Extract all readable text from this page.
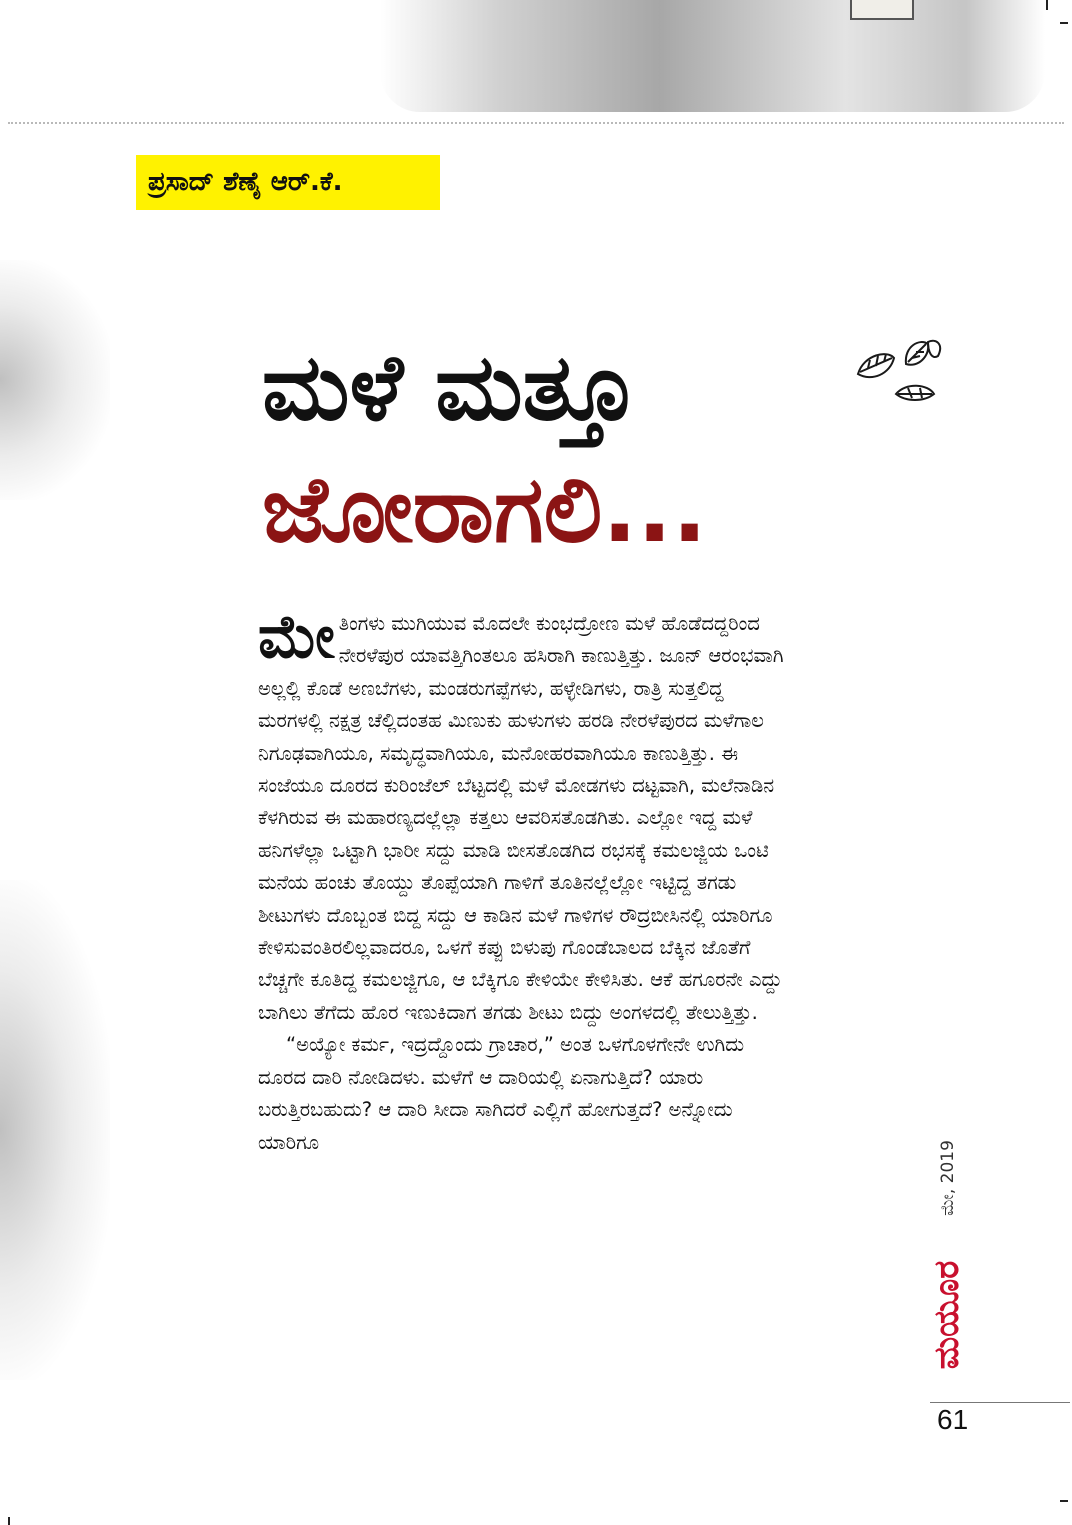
ಪ್ರಸಾದ್ ಶೆಣೈ ಆರ್.ಕೆ.
ಮಳೆ ಮತ್ತೂ
ಜೋರಾಗಲಿ...

ಮೇತಿಂಗಳು ಮುಗಿಯುವ ಮೊದಲೇ ಕುಂಭದ್ರೋಣ ಮಳೆ ಹೊಡೆದದ್ದರಿಂದ ನೇರಳೆಪುರ ಯಾವತ್ತಿಗಿಂತಲೂ ಹಸಿರಾಗಿ ಕಾಣುತ್ತಿತ್ತು. ಜೂನ್ ಆರಂಭವಾಗಿ ಅಲ್ಲಲ್ಲಿ ಕೊಡೆ ಅಣಬೆಗಳು, ಮಂಡರುಗಪ್ಪೆಗಳು, ಹಳ್ಳೇಡಿಗಳು, ರಾತ್ರಿ ಸುತ್ತಲಿದ್ದ ಮರಗಳಲ್ಲಿ ನಕ್ಷತ್ರ ಚೆಲ್ಲಿದಂತಹ ಮಿಣುಕು ಹುಳುಗಳು ಹರಡಿ ನೇರಳೆಪುರದ ಮಳೆಗಾಲ ನಿಗೂಢವಾಗಿಯೂ, ಸಮೃದ್ಧವಾಗಿಯೂ, ಮನೋಹರವಾಗಿಯೂ ಕಾಣುತ್ತಿತ್ತು. ಈ ಸಂಜೆಯೂ ದೂರದ ಕುರಿಂಜೆಲ್ ಬೆಟ್ಟದಲ್ಲಿ ಮಳೆ ಮೋಡಗಳು ದಟ್ಟವಾಗಿ, ಮಲೆನಾಡಿನ ಕೆಳಗಿರುವ ಈ ಮಹಾರಣ್ಯದಲ್ಲೆಲ್ಲಾ ಕತ್ತಲು ಆವರಿಸತೊಡಗಿತು. ಎಲ್ಲೋ ಇದ್ದ ಮಳೆ ಹನಿಗಳೆಲ್ಲಾ ಒಟ್ಟಾಗಿ ಭಾರೀ ಸದ್ದು ಮಾಡಿ ಬೀಸತೊಡಗಿದ ರಭಸಕ್ಕೆ ಕಮಲಜ್ಜಿಯ ಒಂಟಿ ಮನೆಯ ಹಂಚು ತೊಯ್ದು ತೊಪ್ಪೆಯಾಗಿ ಗಾಳಿಗೆ ತೂತಿನಲ್ಲೆಲ್ಲೋ ಇಟ್ಟಿದ್ದ ತಗಡು ಶೀಟುಗಳು ದೊಬ್ಬಂತ ಬಿದ್ದ ಸದ್ದು ಆ ಕಾಡಿನ ಮಳೆ ಗಾಳಿಗಳ ರೌದ್ರಬೀಸಿನಲ್ಲಿ ಯಾರಿಗೂ ಕೇಳಿಸುವಂತಿರಲಿಲ್ಲವಾದರೂ, ಒಳಗೆ ಕಪ್ಪು ಬಿಳುಪು ಗೊಂಡೆಬಾಲದ ಬೆಕ್ಕಿನ ಜೊತೆಗೆ ಬೆಚ್ಚಗೇ ಕೂತಿದ್ದ ಕಮಲಜ್ಜಿಗೂ, ಆ ಬೆಕ್ಕಿಗೂ ಕೇಳಿಯೇ ಕೇಳಿಸಿತು. ಆಕೆ ಹಗೂರನೇ ಎದ್ದು ಬಾಗಿಲು ತೆಗೆದು ಹೊರ ಇಣುಕಿದಾಗ ತಗಡು ಶೀಟು ಬಿದ್ದು ಅಂಗಳದಲ್ಲಿ ತೇಲುತ್ತಿತ್ತು.

“ಅಯ್ಯೋ ಕರ್ಮ, ಇದ್ರದ್ದೊಂದು ಗ್ರಾಚಾರ,” ಅಂತ ಒಳಗೊಳಗೇನೇ ಉಗಿದು ದೂರದ ದಾರಿ ನೋಡಿದಳು. ಮಳೆಗೆ ಆ ದಾರಿಯಲ್ಲಿ ಏನಾಗುತ್ತಿದೆ? ಯಾರು ಬರುತ್ತಿರಬಹುದು? ಆ ದಾರಿ ಸೀದಾ ಸಾಗಿದರೆ ಎಲ್ಲಿಗೆ ಹೋಗುತ್ತದೆ? ಅನ್ನೋದು ಯಾರಿಗೂ	ಮೇ, 2019
ಮಯೂರ
61
